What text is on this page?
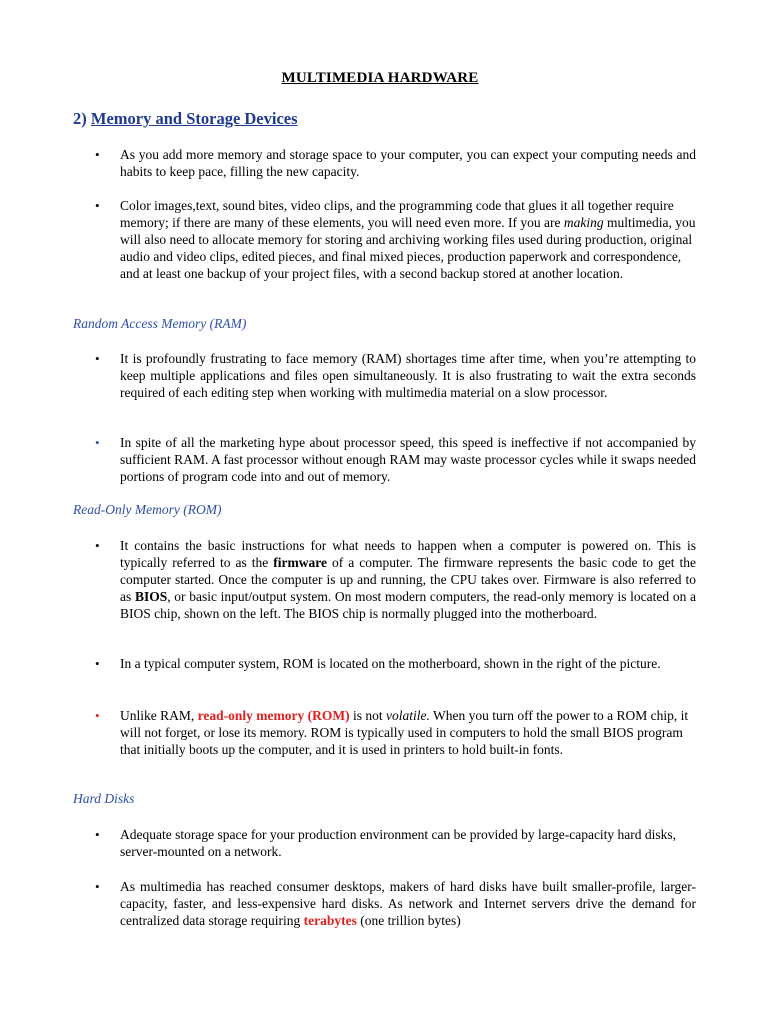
MULTIMEDIA HARDWARE
2) Memory and Storage Devices
• As you add more memory and storage space to your computer, you can expect your computing needs and habits to keep pace, filling the new capacity.
• Color images,text, sound bites, video clips, and the programming code that glues it all together require memory; if there are many of these elements, you will need even more. If you are making multimedia, you will also need to allocate memory for storing and archiving working files used during production, original audio and video clips, edited pieces, and final mixed pieces, production paperwork and correspondence, and at least one backup of your project files, with a second backup stored at another location.
Random Access Memory (RAM)
• It is profoundly frustrating to face memory (RAM) shortages time after time, when you’re attempting to keep multiple applications and files open simultaneously. It is also frustrating to wait the extra seconds required of each editing step when working with multimedia material on a slow processor.
• In spite of all the marketing hype about processor speed, this speed is ineffective if not accompanied by sufficient RAM. A fast processor without enough RAM may waste processor cycles while it swaps needed portions of program code into and out of memory.
Read-Only Memory (ROM)
• It contains the basic instructions for what needs to happen when a computer is powered on. This is typically referred to as the firmware of a computer. The firmware represents the basic code to get the computer started. Once the computer is up and running, the CPU takes over. Firmware is also referred to as BIOS, or basic input/output system. On most modern computers, the read-only memory is located on a BIOS chip, shown on the left. The BIOS chip is normally plugged into the motherboard.
• In a typical computer system, ROM is located on the motherboard, shown in the right of the picture.
• Unlike RAM, read-only memory (ROM) is not volatile. When you turn off the power to a ROM chip, it will not forget, or lose its memory. ROM is typically used in computers to hold the small BIOS program that initially boots up the computer, and it is used in printers to hold built-in fonts.
Hard Disks
• Adequate storage space for your production environment can be provided by large-capacity hard disks, server-mounted on a network.
• As multimedia has reached consumer desktops, makers of hard disks have built smaller-profile, larger-capacity, faster, and less-expensive hard disks. As network and Internet servers drive the demand for centralized data storage requiring terabytes (one trillion bytes)
